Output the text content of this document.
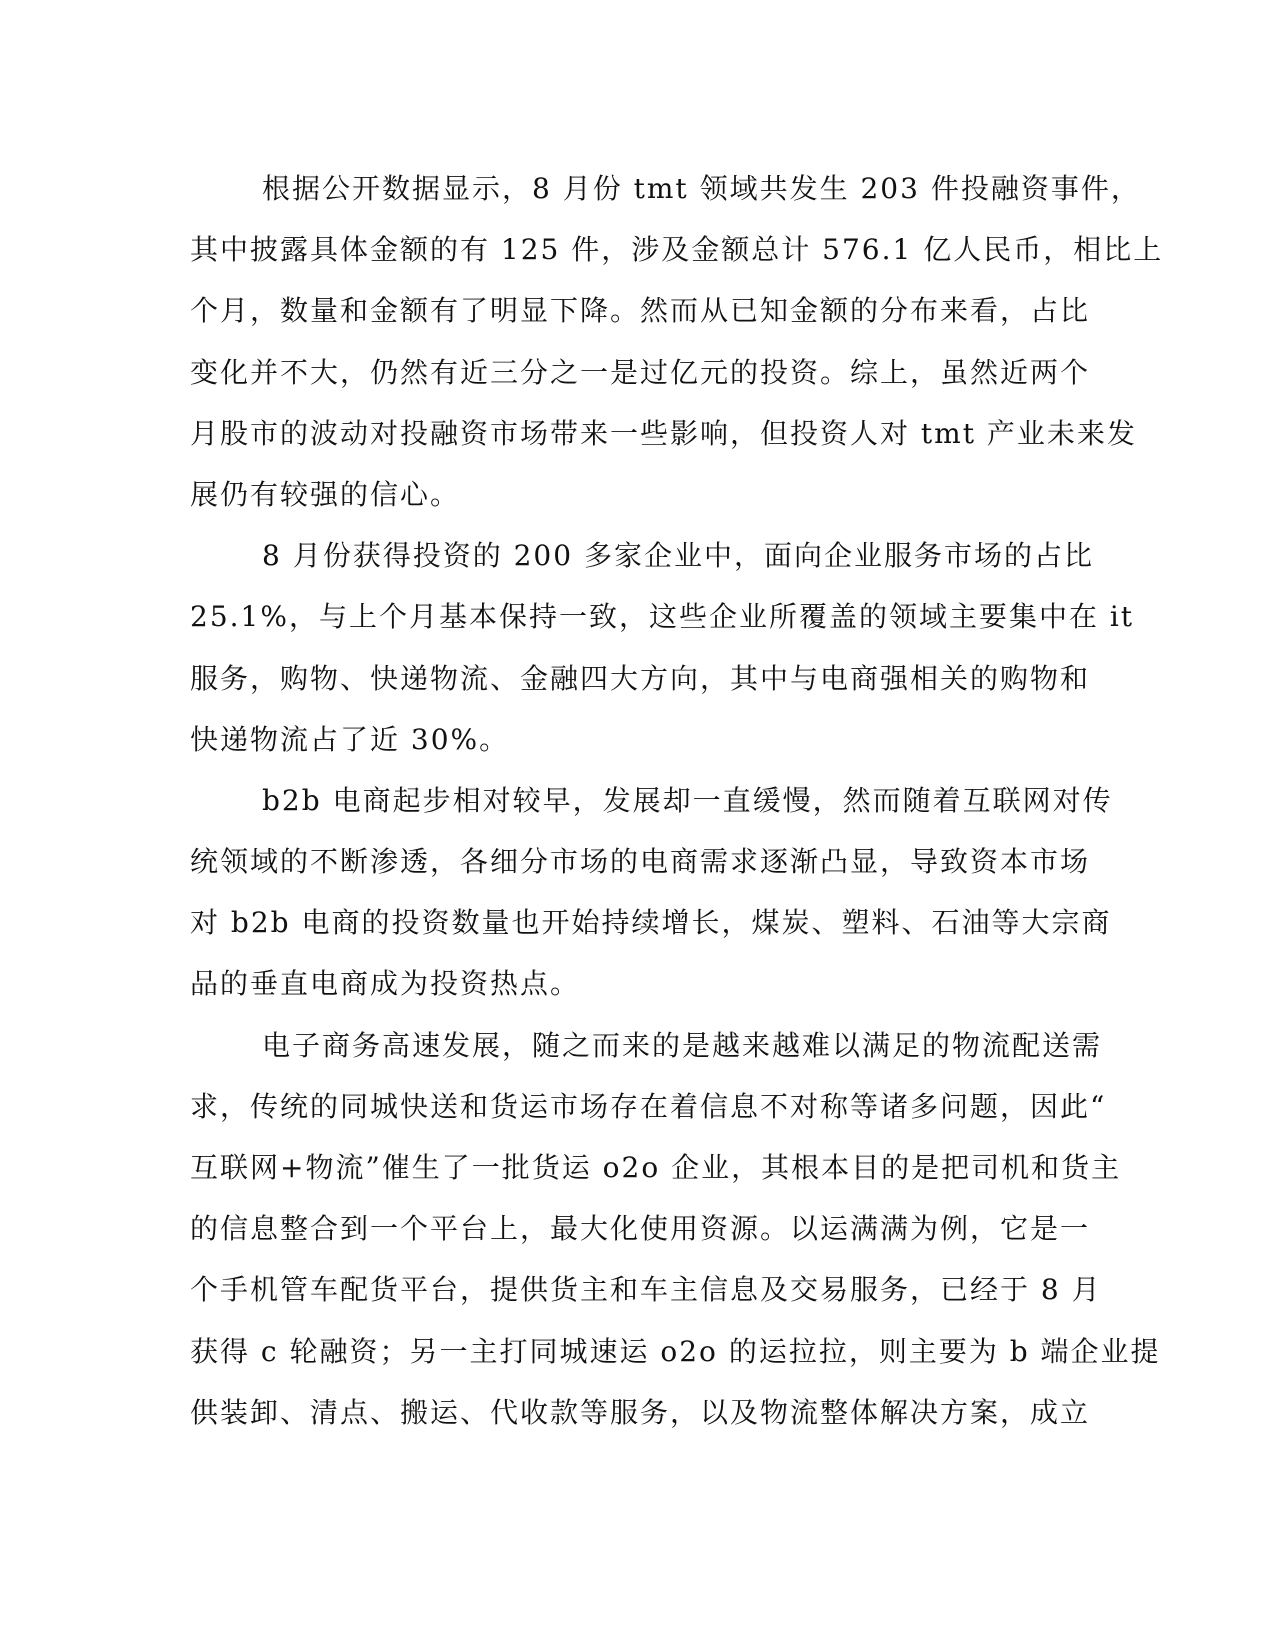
根据公开数据显示，8 月份 tmt 领域共发生 203 件投融资事件，
其中披露具体金额的有 125 件，涉及金额总计 576.1 亿人民币，相比上
个月，数量和金额有了明显下降。然而从已知金额的分布来看，占比
变化并不大，仍然有近三分之一是过亿元的投资。综上，虽然近两个
月股市的波动对投融资市场带来一些影响，但投资人对 tmt 产业未来发
展仍有较强的信心。
8 月份获得投资的 200 多家企业中，面向企业服务市场的占比
25.1%，与上个月基本保持一致，这些企业所覆盖的领域主要集中在 it
服务，购物、快递物流、金融四大方向，其中与电商强相关的购物和
快递物流占了近 30%。
b2b 电商起步相对较早，发展却一直缓慢，然而随着互联网对传
统领域的不断渗透，各细分市场的电商需求逐渐凸显，导致资本市场
对 b2b 电商的投资数量也开始持续增长，煤炭、塑料、石油等大宗商
品的垂直电商成为投资热点。
电子商务高速发展，随之而来的是越来越难以满足的物流配送需
求，传统的同城快送和货运市场存在着信息不对称等诸多问题，因此“
互联网+物流”催生了一批货运 o2o 企业，其根本目的是把司机和货主
的信息整合到一个平台上，最大化使用资源。以运满满为例，它是一
个手机管车配货平台，提供货主和车主信息及交易服务，已经于 8 月
获得 c 轮融资；另一主打同城速运 o2o 的运拉拉，则主要为 b 端企业提
供装卸、清点、搬运、代收款等服务，以及物流整体解决方案，成立
